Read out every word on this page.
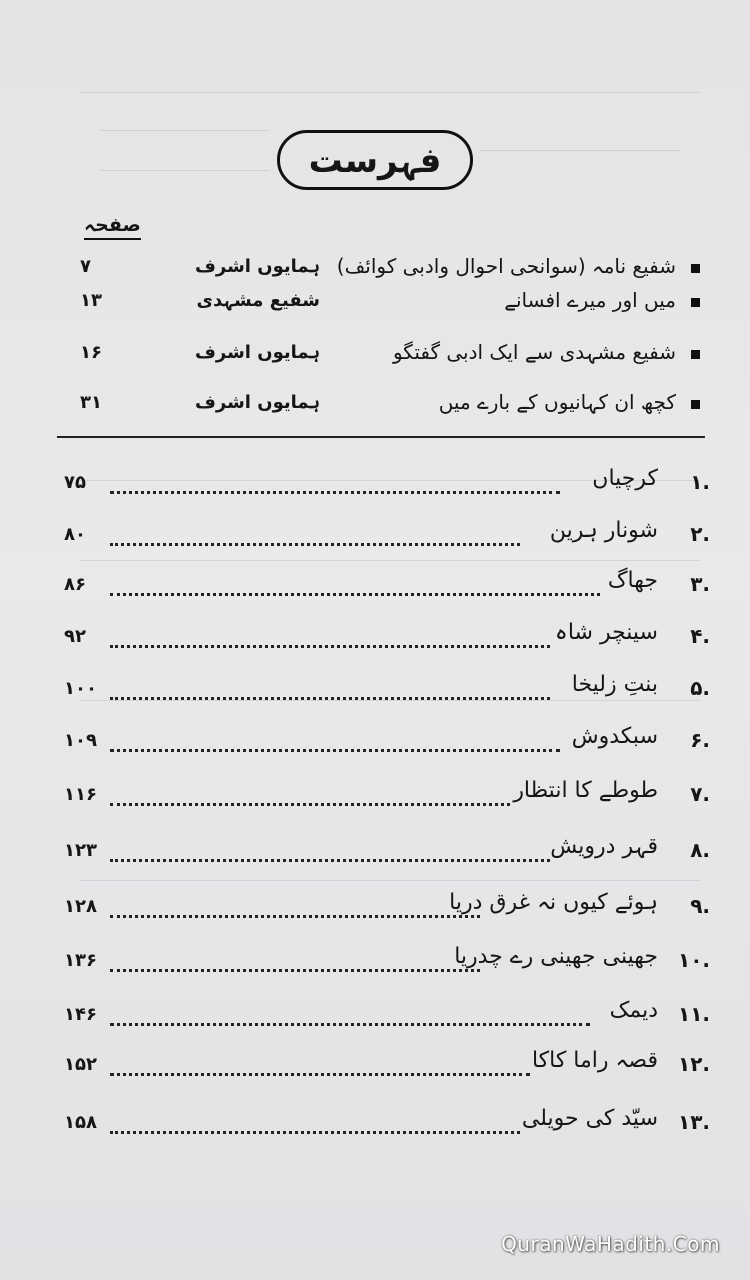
فہرست
صفحہ
شفیع نامہ (سوانحی احوال وادبی کوائف)
ہمایوں اشرف
۷
میں اور میرے افسانے
شفیع مشہدی
۱۳
شفیع مشہدی سے ایک ادبی گفتگو
ہمایوں اشرف
۱۶
کچھ ان کہانیوں کے بارے میں
ہمایوں اشرف
۳۱
۱.
کرچیاں
۷۵
۲.
شونار ہرین
۸۰
۳.
جھاگ
۸۶
۴.
سینچر شاہ
۹۲
۵.
بنتِ زلیخا
۱۰۰
۶.
سبکدوش
۱۰۹
۷.
طوطے کا انتظار
۱۱۶
۸.
قہر درویش
۱۲۳
۹.
ہوئے کیوں نہ غرق دریا
۱۲۸
۱۰.
جھینی جھینی رے چدریا
۱۳۶
۱۱.
دیمک
۱۴۶
۱۲.
قصہ راما کاکا
۱۵۲
۱۳.
سیّد کی حویلی
۱۵۸
QuranWaHadith.Com
